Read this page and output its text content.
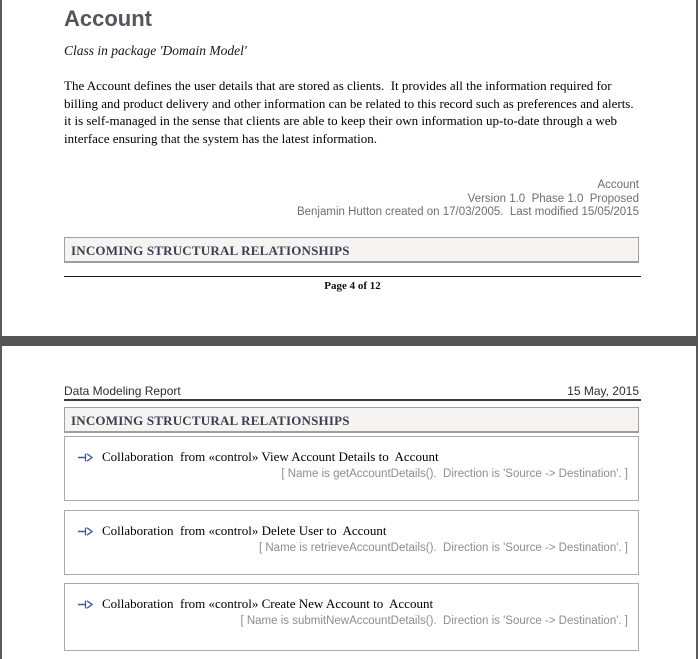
Account
Class in package 'Domain Model'
The Account defines the user details that are stored as clients.  It provides all the information required for billing and product delivery and other information can be related to this record such as preferences and alerts. it is self-managed in the sense that clients are able to keep their own information up-to-date through a web interface ensuring that the system has the latest information.
Account
Version 1.0  Phase 1.0  Proposed
Benjamin Hutton created on 17/03/2005.  Last modified 15/05/2015
INCOMING STRUCTURAL RELATIONSHIPS
Page 4 of 12
Data Modeling Report	15 May, 2015
INCOMING STRUCTURAL RELATIONSHIPS
Collaboration  from «control» View Account Details to  Account
[ Name is getAccountDetails().  Direction is 'Source -> Destination'. ]
Collaboration  from «control» Delete User to  Account
[ Name is retrieveAccountDetails().  Direction is 'Source -> Destination'. ]
Collaboration  from «control» Create New Account to  Account
[ Name is submitNewAccountDetails().  Direction is 'Source -> Destination'. ]
